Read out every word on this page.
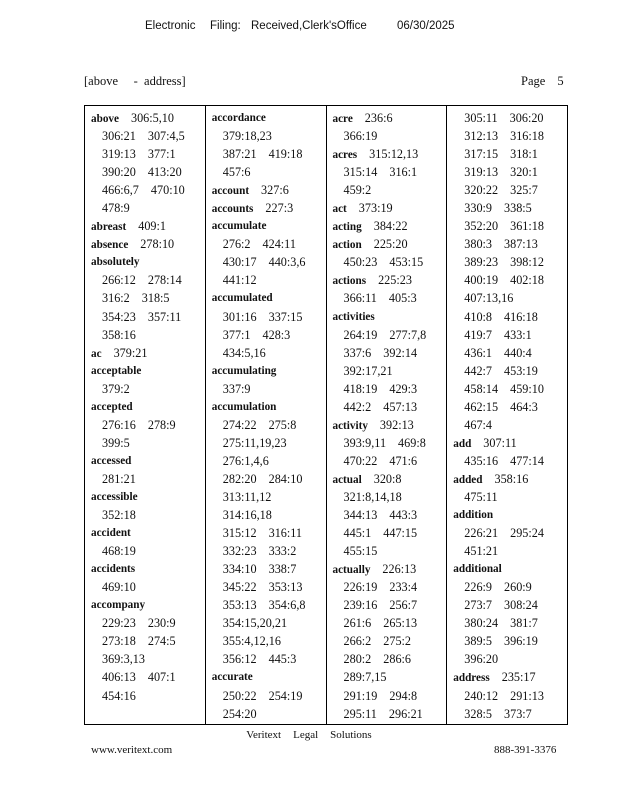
Electronic Filing: Received,Clerk'sOffice	06/30/2025
[above     -  address]	Page 5
above 306:5,10
306:21 307:4,5
319:13 377:1
390:20 413:20
466:6,7 470:10
478:9
abreast 409:1
absence 278:10
absolutely
266:12 278:14
316:2 318:5
354:23 357:11
358:16
ac 379:21
acceptable
379:2
accepted
276:16 278:9
399:5
accessed
281:21
accessible
352:18
accident
468:19
accidents
469:10
accompany
229:23 230:9
273:18 274:5
369:3,13
406:13 407:1
454:16
accordance
379:18,23
387:21 419:18
457:6
account 327:6
accounts 227:3
accumulate
276:2 424:11
430:17 440:3,6
441:12
accumulated
301:16 337:15
377:1 428:3
434:5,16
accumulating
337:9
accumulation
274:22 275:8
275:11,19,23
276:1,4,6
282:20 284:10
313:11,12
314:16,18
315:12 316:11
332:23 333:2
334:10 338:7
345:22 353:13
353:13 354:6,8
354:15,20,21
355:4,12,16
356:12 445:3
accurate
250:22 254:19
254:20
acre 236:6
366:19
acres 315:12,13
315:14 316:1
459:2
act 373:19
acting 384:22
action 225:20
450:23 453:15
actions 225:23
366:11 405:3
activities
264:19 277:7,8
337:6 392:14
392:17,21
418:19 429:3
442:2 457:13
activity 392:13
393:9,11 469:8
470:22 471:6
actual 320:8
321:8,14,18
344:13 443:3
445:1 447:15
455:15
actually 226:13
226:19 233:4
239:16 256:7
261:6 265:13
266:2 275:2
280:2 286:6
289:7,15
291:19 294:8
295:11 296:21
305:11 306:20
312:13 316:18
317:15 318:1
319:13 320:1
320:22 325:7
330:9 338:5
352:20 361:18
380:3 387:13
389:23 398:12
400:19 402:18
407:13,16
410:8 416:18
419:7 433:1
436:1 440:4
442:7 453:19
458:14 459:10
462:15 464:3
467:4
add 307:11
435:16 477:14
added 358:16
475:11
addition
226:21 295:24
451:21
additional
226:9 260:9
273:7 308:24
380:24 381:7
389:5 396:19
396:20
address 235:17
240:12 291:13
328:5 373:7
Veritext Legal Solutions
www.veritext.com	888-391-3376
